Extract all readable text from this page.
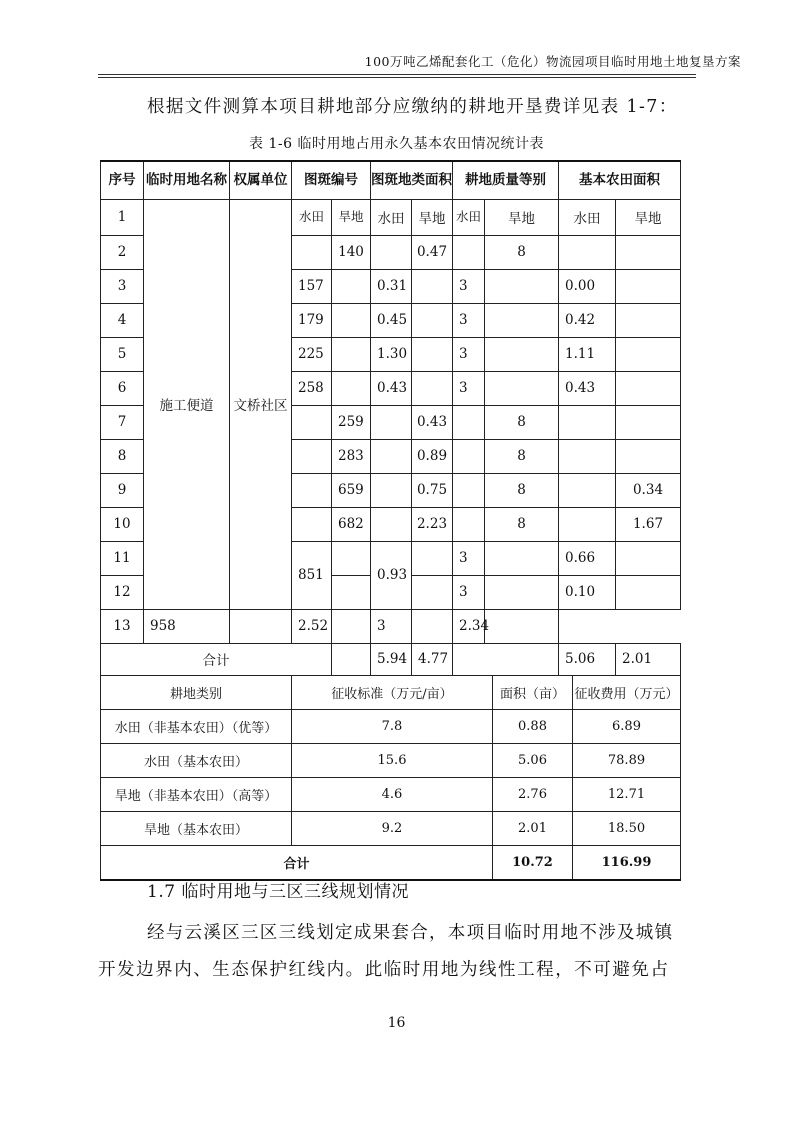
100万吨乙烯配套化工（危化）物流园项目临时用地土地复垦方案
根据文件测算本项目耕地部分应缴纳的耕地开垦费详见表 1-7：
表 1-6 临时用地占用永久基本农田情况统计表
序号	临时用地名称	权属单位	图斑编号		图斑地类面积		耕地质量等别		基本农田面积	
1	施工便道	文桥社区	水田	旱地	水田	旱地	水田	旱地	水田	旱地
2				140		0.47		8		
3			157		0.31		3		0.00	
4			179		0.45		3		0.42	
5			225		1.30		3		1.11	
6			258		0.43		3		0.43	
7				259		0.43		8		
8				283		0.89		8		
9				659		0.75		8		0.34
10				682		2.23		8		1.67
11			851		0.93		3		0.66	
12							3		0.10	
13	958		2.52		3		2.34			
合计					5.94	4.77			5.06	2.01
耕地类别	征收标准（万元/亩）	面积（亩）	征收费用（万元）
水田（非基本农田）（优等）	7.8	0.88	6.89
水田（基本农田）	15.6	5.06	78.89
旱地（非基本农田）（高等）	4.6	2.76	12.71
旱地（基本农田）	9.2	2.01	18.50
合计		10.72	116.99
1.7 临时用地与三区三线规划情况
经与云溪区三区三线划定成果套合，本项目临时用地不涉及城镇
开发边界内、生态保护红线内。此临时用地为线性工程，不可避免占
16
